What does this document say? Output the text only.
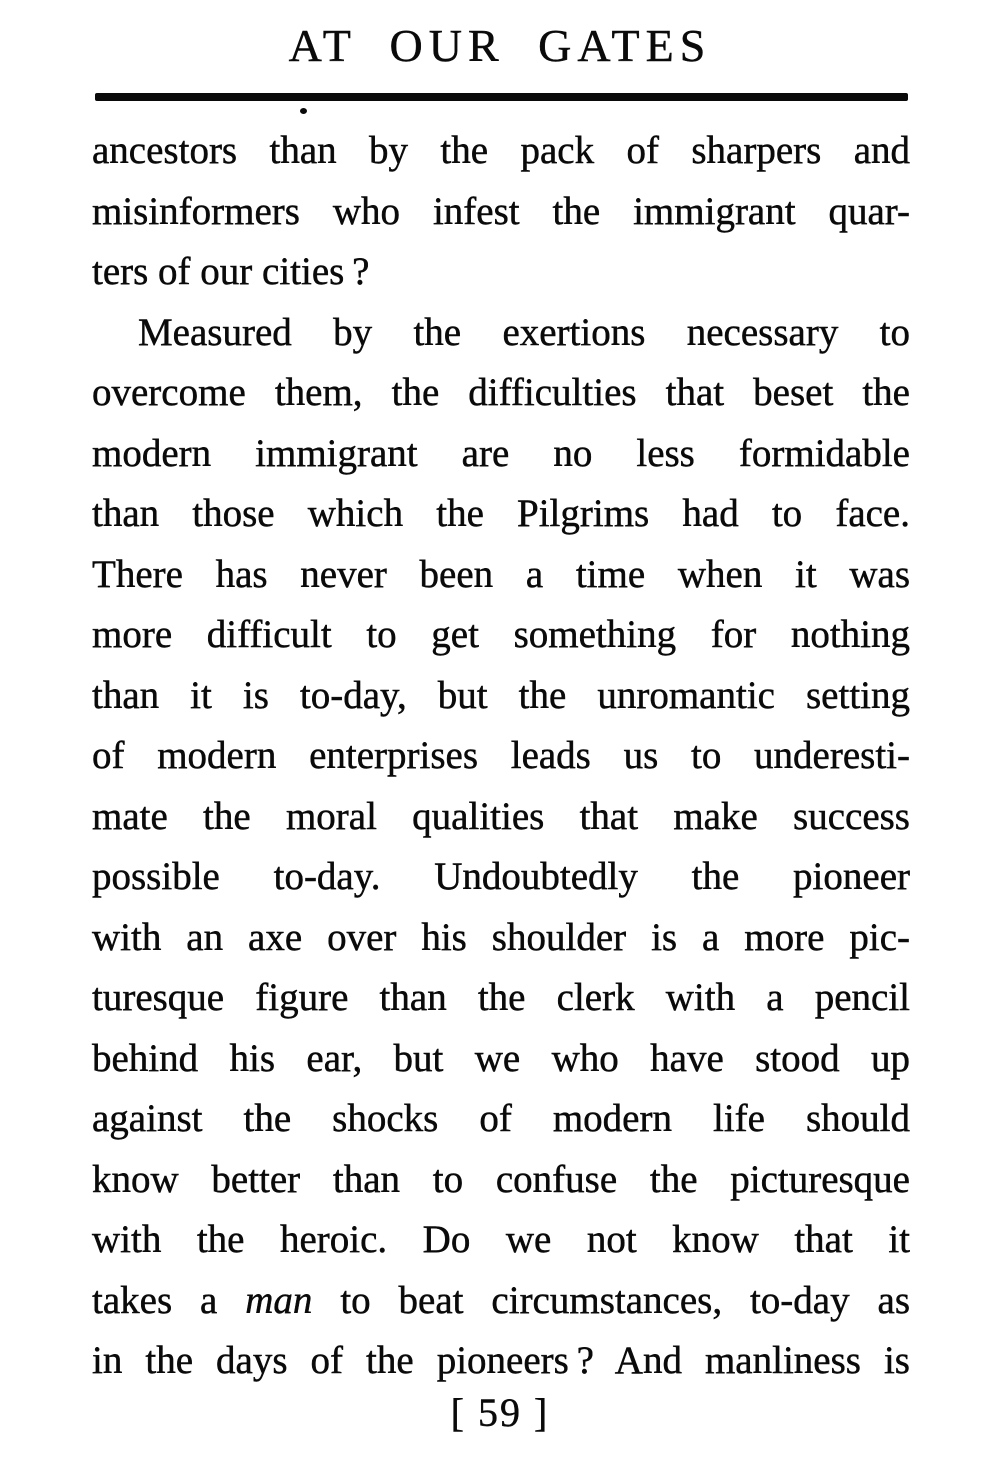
AT OUR GATES
ancestors than by the pack of sharpers and
misinformers who infest the immigrant quar-
ters of our cities ?
Measured by the exertions necessary to
overcome them, the difficulties that beset the
modern immigrant are no less formidable
than those which the Pilgrims had to face.
There has never been a time when it was
more difficult to get something for nothing
than it is to-day, but the unromantic setting
of modern enterprises leads us to underesti-
mate the moral qualities that make success
possible to-day. Undoubtedly the pioneer
with an axe over his shoulder is a more pic-
turesque figure than the clerk with a pencil
behind his ear, but we who have stood up
against the shocks of modern life should
know better than to confuse the picturesque
with the heroic. Do we not know that it
takes a man to beat circumstances, to-day as
in the days of the pioneers ? And manliness is
[ 59 ]
